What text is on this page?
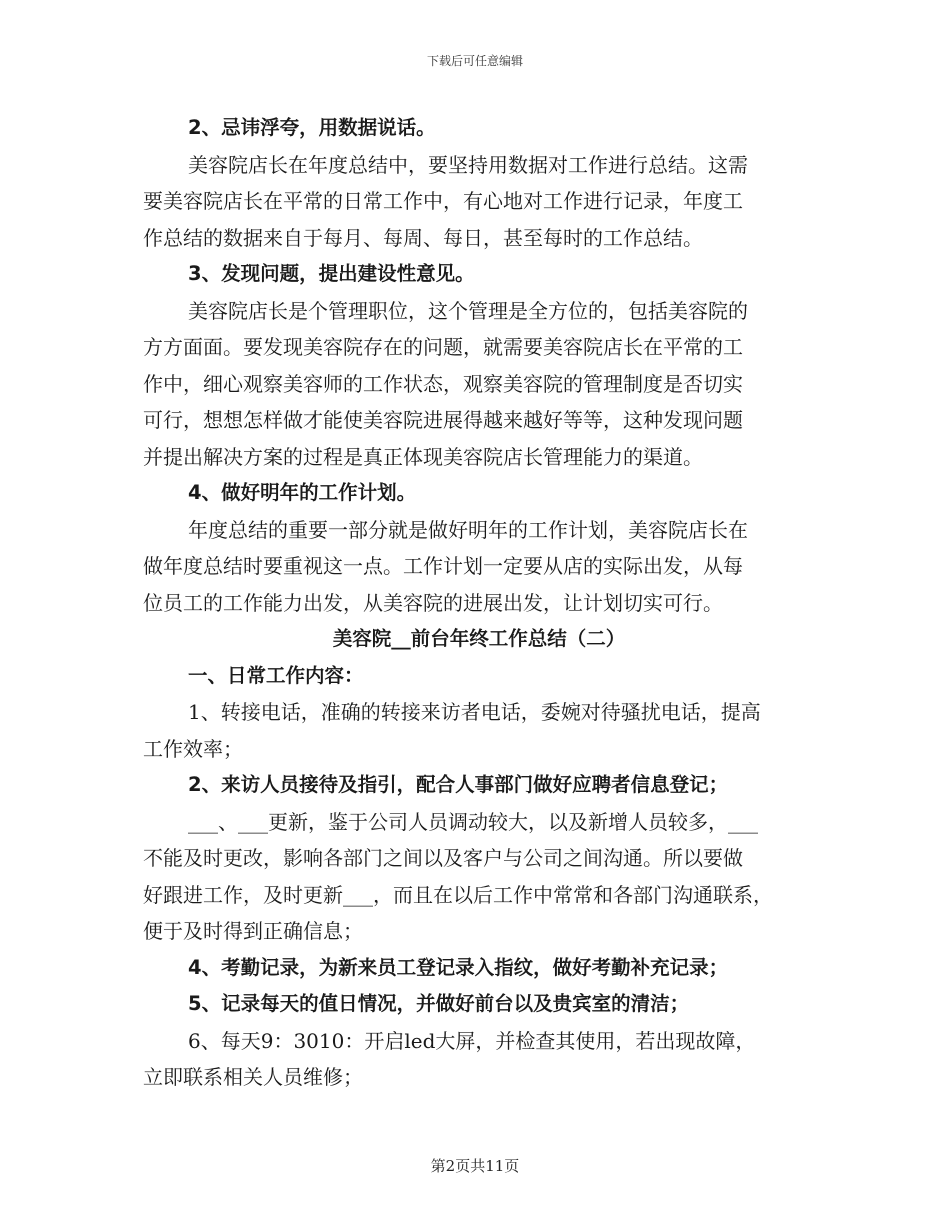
下载后可任意编辑

2、忌讳浮夸，用数据说话。

美容院店长在年度总结中，要坚持用数据对工作进行总结。这需

要美容院店长在平常的日常工作中，有心地对工作进行记录，年度工

作总结的数据来自于每月、每周、每日，甚至每时的工作总结。

3、发现问题，提出建设性意见。

美容院店长是个管理职位，这个管理是全方位的，包括美容院的

方方面面。要发现美容院存在的问题，就需要美容院店长在平常的工

作中，细心观察美容师的工作状态，观察美容院的管理制度是否切实

可行，想想怎样做才能使美容院进展得越来越好等等，这种发现问题

并提出解决方案的过程是真正体现美容院店长管理能力的渠道。

4、做好明年的工作计划。

年度总结的重要一部分就是做好明年的工作计划，美容院店长在

做年度总结时要重视这一点。工作计划一定要从店的实际出发，从每

位员工的工作能力出发，从美容院的进展出发，让计划切实可行。

美容院__前台年终工作总结（二）

一、日常工作内容：

1、转接电话，准确的转接来访者电话，委婉对待骚扰电话，提高

工作效率；

2、来访人员接待及指引，配合人事部门做好应聘者信息登记；

___、___更新，鉴于公司人员调动较大，以及新增人员较多，___

不能及时更改，影响各部门之间以及客户与公司之间沟通。所以要做

好跟进工作，及时更新___，而且在以后工作中常常和各部门沟通联系，

便于及时得到正确信息；

4、考勤记录，为新来员工登记录入指纹，做好考勤补充记录；

5、记录每天的值日情况，并做好前台以及贵宾室的清洁；

6、每天9：3010：开启led大屏，并检查其使用，若出现故障，

立即联系相关人员维修；

第2页共11页
